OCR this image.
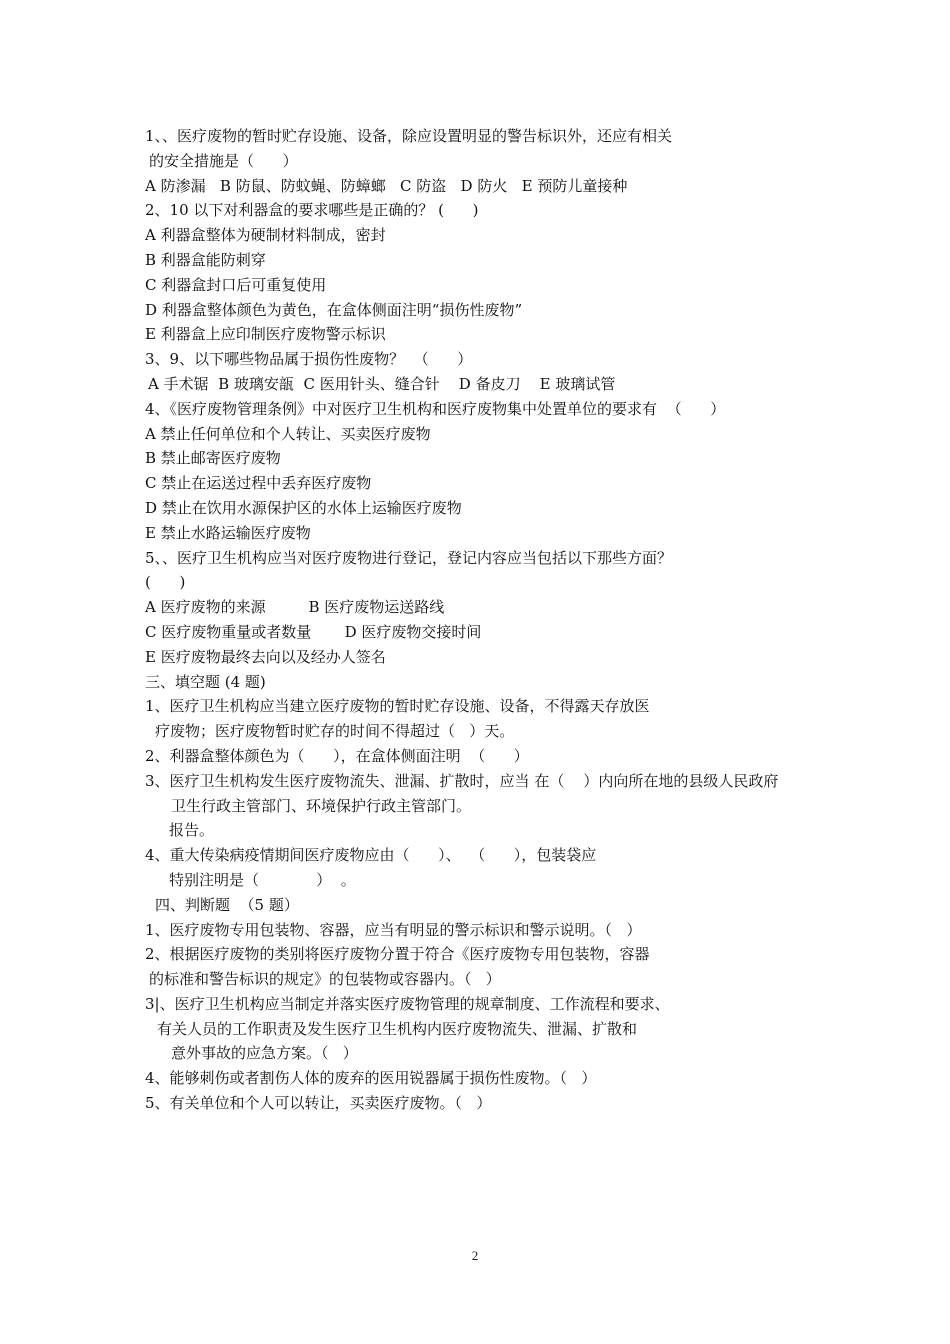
1、、医疗废物的暂时贮存设施、设备，除应设置明显的警告标识外，还应有相关
的安全措施是（      ）
A 防渗漏   B 防鼠、防蚊蝇、防蟑螂   C 防盗   D 防火   E 预防儿童接种
2、10 以下对利器盒的要求哪些是正确的？ (      )
A 利器盒整体为硬制材料制成，密封
B 利器盒能防刺穿
C 利器盒封口后可重复使用
D 利器盒整体颜色为黄色，在盒体侧面注明“损伤性废物”
E 利器盒上应印制医疗废物警示标识
3、9、以下哪些物品属于损伤性废物？  （      ）
A 手术锯  B 玻璃安瓿  C 医用针头、缝合针    D 备皮刀    E 玻璃试管
4、《医疗废物管理条例》中对医疗卫生机构和医疗废物集中处置单位的要求有  （      ）
A 禁止任何单位和个人转让、买卖医疗废物
B 禁止邮寄医疗废物
C 禁止在运送过程中丢弃医疗废物
D 禁止在饮用水源保护区的水体上运输医疗废物
E 禁止水路运输医疗废物
5、、医疗卫生机构应当对医疗废物进行登记，登记内容应当包括以下那些方面？
(      )
A 医疗废物的来源         B 医疗废物运送路线
C 医疗废物重量或者数量       D 医疗废物交接时间
E 医疗废物最终去向以及经办人签名
三、填空题 (4 题)
1、医疗卫生机构应当建立医疗废物的暂时贮存设施、设备，不得露天存放医
疗废物；医疗废物暂时贮存的时间不得超过（   ）天。
2、利器盒整体颜色为（      ），在盒体侧面注明  （      ）
3、医疗卫生机构发生医疗废物流失、泄漏、扩散时，应当 在（    ）内向所在地的县级人民政府
卫生行政主管部门、环境保护行政主管部门。
报告。
4、重大传染病疫情期间医疗废物应由（      ）、  （      ），包装袋应
特别注明是（            ）  。
四、判断题  （5 题）
1、医疗废物专用包装物、容器，应当有明显的警示标识和警示说明。（   ）
2、根据医疗废物的类别将医疗废物分置于符合《医疗废物专用包装物，容器
的标准和警告标识的规定》的包装物或容器内。（   ）
3|、医疗卫生机构应当制定并落实医疗废物管理的规章制度、工作流程和要求、
有关人员的工作职责及发生医疗卫生机构内医疗废物流失、泄漏、扩散和
意外事故的应急方案。（   ）
4、能够刺伤或者割伤人体的废弃的医用锐器属于损伤性废物。（   ）
5、有关单位和个人可以转让，买卖医疗废物。（   ）
2
